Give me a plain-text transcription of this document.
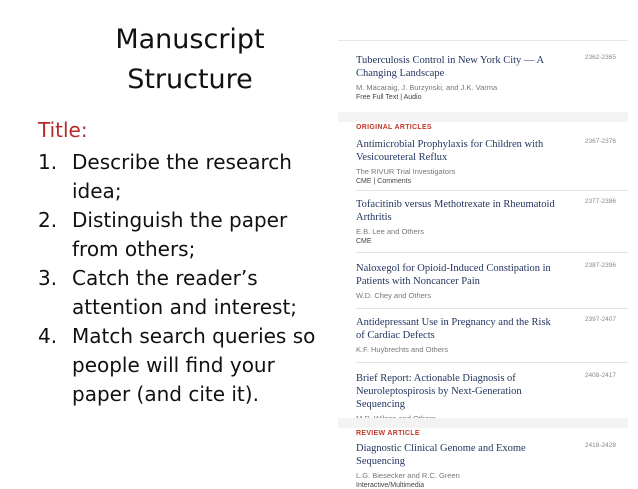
Manuscript
Structure
Title:
1. Describe the research
idea;
2. Distinguish the paper
from others;
3. Catch the reader’s
attention and interest;
4. Match search queries so
people will find your
paper (and cite it).
Tuberculosis Control in New York City — A Changing Landscape
M. Macaraig, J. Burzynski, and J.K. Varma
Free Full Text | Audio
2362-2365
ORIGINAL ARTICLES
Antimicrobial Prophylaxis for Children with Vesicoureteral Reflux
The RIVUR Trial Investigators
CME | Comments
2367-2376
Tofacitinib versus Methotrexate in Rheumatoid Arthritis
E.B. Lee and Others
CME
2377-2386
Naloxegol for Opioid-Induced Constipation in Patients with Noncancer Pain
W.D. Chey and Others
2387-2396
Antidepressant Use in Pregnancy and the Risk of Cardiac Defects
K.F. Huybrechts and Others
2397-2407
Brief Report: Actionable Diagnosis of Neuroleptospirosis by Next-Generation Sequencing
2408-2417
REVIEW ARTICLE
Diagnostic Clinical Genome and Exome Sequencing
L.G. Biesecker and R.C. Green
Interactive/Multimedia
2418-2428
